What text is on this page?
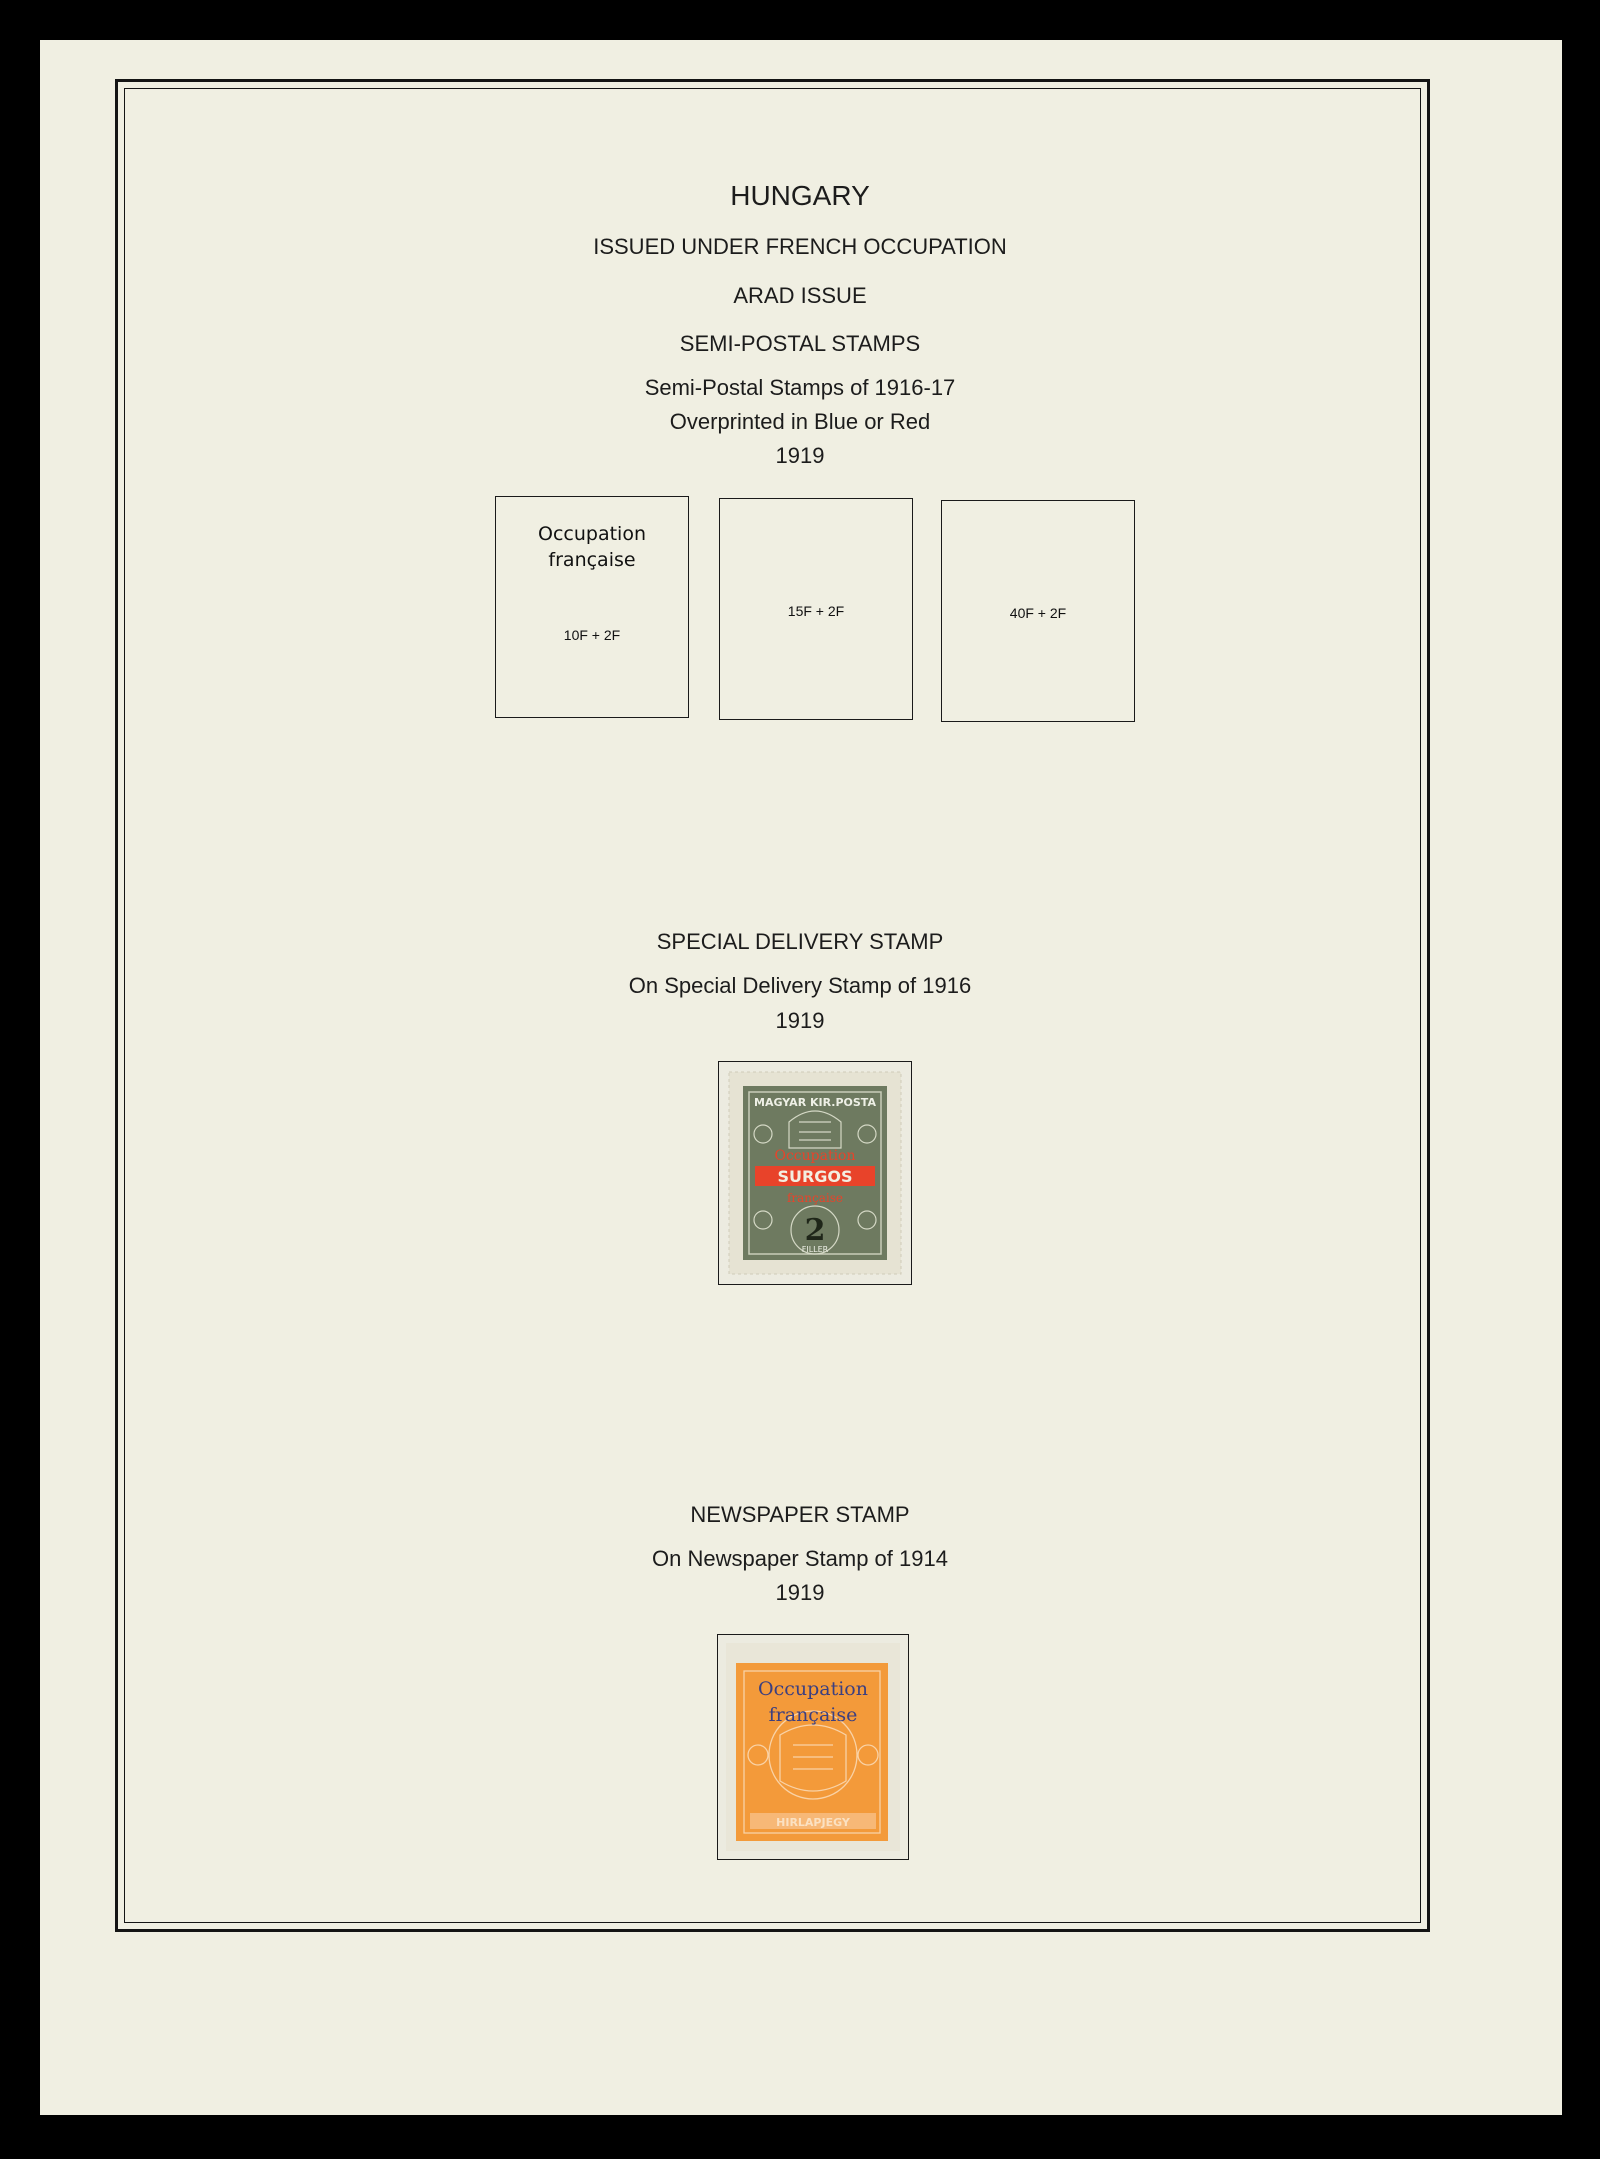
HUNGARY
ISSUED UNDER FRENCH OCCUPATION
ARAD ISSUE
SEMI-POSTAL STAMPS
Semi-Postal Stamps of 1916-17
Overprinted in Blue or Red
1919
Occupation
française
10F + 2F
15F + 2F	40F + 2F
SPECIAL DELIVERY STAMP
On Special Delivery Stamp of 1916
1919
MAGYAR KIR.POSTA
Occupation
SURGOS
française
2
FILLER
NEWSPAPER STAMP
On Newspaper Stamp of 1914
1919
HIRLAPJEGY
Occupation
française
